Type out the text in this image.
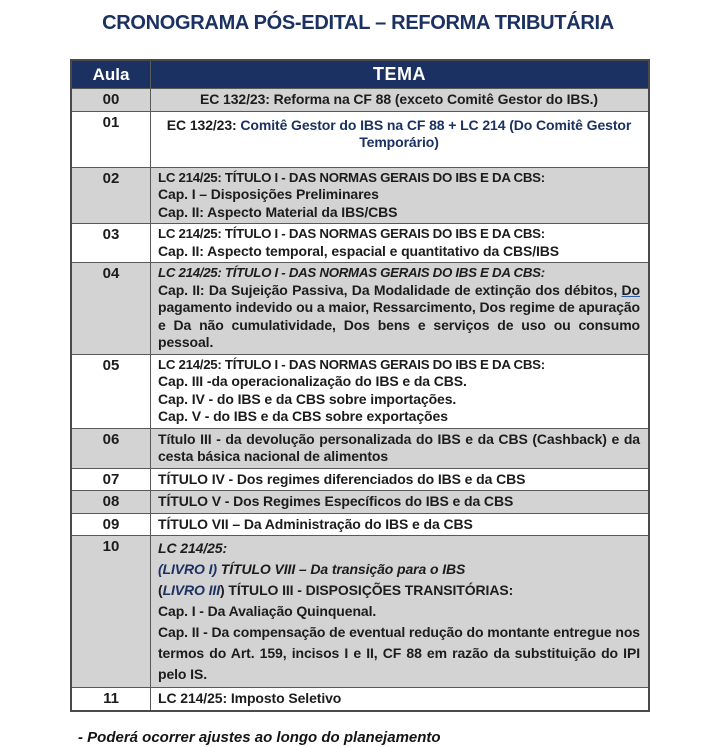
CRONOGRAMA PÓS-EDITAL – REFORMA TRIBUTÁRIA
Aula	TEMA
00	EC 132/23: Reforma na CF 88 (exceto Comitê Gestor do IBS.)

01	EC 132/23: Comitê Gestor do IBS na CF 88 + LC 214 (Do Comitê Gestor Temporário)

02	LC 214/25: TÍTULO I - DAS NORMAS GERAIS DO IBS E DA CBS:
Cap. I – Disposições Preliminares
Cap. II: Aspecto Material da IBS/CBS

03	LC 214/25: TÍTULO I - DAS NORMAS GERAIS DO IBS E DA CBS:
Cap. II: Aspecto temporal, espacial e quantitativo da CBS/IBS

04	LC 214/25: TÍTULO I - DAS NORMAS GERAIS DO IBS E DA CBS:
Cap. II: Da Sujeição Passiva, Da Modalidade de extinção dos débitos, Do pagamento indevido ou a maior, Ressarcimento, Dos regime de apuração e Da não cumulatividade, Dos bens e serviços de uso ou consumo pessoal.

05	LC 214/25: TÍTULO I - DAS NORMAS GERAIS DO IBS E DA CBS:
Cap. III -da operacionalização do IBS e da CBS.
Cap. IV - do IBS e da CBS sobre importações.
Cap. V - do IBS e da CBS sobre exportações

06	Título III - da devolução personalizada do IBS e da CBS (Cashback) e da cesta básica nacional de alimentos

07	TÍTULO IV - Dos regimes diferenciados do IBS e da CBS

08	TÍTULO V - Dos Regimes Específicos do IBS e da CBS

09	TÍTULO VII – Da Administração do IBS e da CBS

10	LC 214/25:
(LIVRO I) TÍTULO VIII – Da transição para o IBS
(LIVRO III) TÍTULO III - DISPOSIÇÕES TRANSITÓRIAS:
Cap. I - Da Avaliação Quinquenal.
Cap. II - Da compensação de eventual redução do montante entregue nos termos do Art. 159, incisos I e II, CF 88 em razão da substituição do IPI pelo IS.

11	LC 214/25: Imposto Seletivo
- Poderá ocorrer ajustes ao longo do planejamento
